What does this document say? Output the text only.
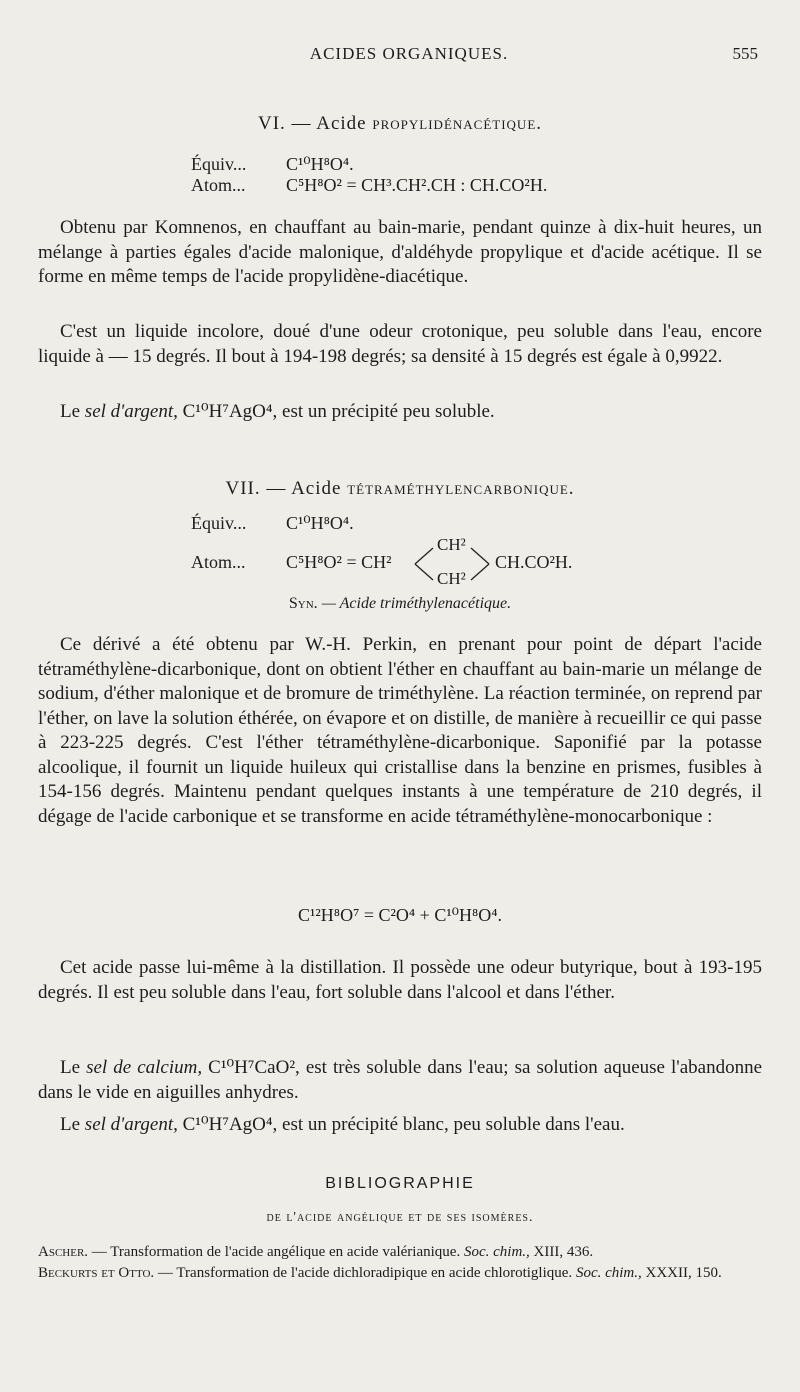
ACIDES ORGANIQUES.	555
VI. — Acide propylidénacétique.
Équiv... C¹⁰H⁸O⁴.
Atom... C⁵H⁸O² = CH³.CH².CH : CH.CO²H.
Obtenu par Komnenos, en chauffant au bain-marie, pendant quinze à dix-huit heures, un mélange à parties égales d'acide malonique, d'aldéhyde propylique et d'acide acétique. Il se forme en même temps de l'acide propylidène-diacétique.
C'est un liquide incolore, doué d'une odeur crotonique, peu soluble dans l'eau, encore liquide à — 15 degrés. Il bout à 194-198 degrés; sa densité à 15 degrés est égale à 0,9922.
Le sel d'argent, C¹⁰H⁷AgO⁴, est un précipité peu soluble.
VII. — Acide tétraméthylencarbonique.
Équiv... C¹⁰H⁸O⁴.
Atom... C⁵H⁸O² = CH²
CH²
CH²
CH.CO²H.
Syn. — Acide triméthylenacétique.
Ce dérivé a été obtenu par W.-H. Perkin, en prenant pour point de départ l'acide tétraméthylène-dicarbonique, dont on obtient l'éther en chauffant au bain-marie un mélange de sodium, d'éther malonique et de bromure de triméthylène. La réaction terminée, on reprend par l'éther, on lave la solution éthérée, on évapore et on distille, de manière à recueillir ce qui passe à 223-225 degrés. C'est l'éther tétraméthylène-dicarbonique. Saponifié par la potasse alcoolique, il fournit un liquide huileux qui cristallise dans la benzine en prismes, fusibles à 154-156 degrés. Maintenu pendant quelques instants à une température de 210 degrés, il dégage de l'acide carbonique et se transforme en acide tétraméthylène-monocarbonique :
C¹²H⁸O⁷ = C²O⁴ + C¹⁰H⁸O⁴.
Cet acide passe lui-même à la distillation. Il possède une odeur butyrique, bout à 193-195 degrés. Il est peu soluble dans l'eau, fort soluble dans l'alcool et dans l'éther.
Le sel de calcium, C¹⁰H⁷CaO², est très soluble dans l'eau; sa solution aqueuse l'abandonne dans le vide en aiguilles anhydres.
Le sel d'argent, C¹⁰H⁷AgO⁴, est un précipité blanc, peu soluble dans l'eau.
BIBLIOGRAPHIE
de l'acide angélique et de ses isomères.
Ascher. — Transformation de l'acide angélique en acide valérianique. Soc. chim., XIII, 436.
Beckurts et Otto. — Transformation de l'acide dichloradipique en acide chlorotiglique. Soc. chim., XXXII, 150.
